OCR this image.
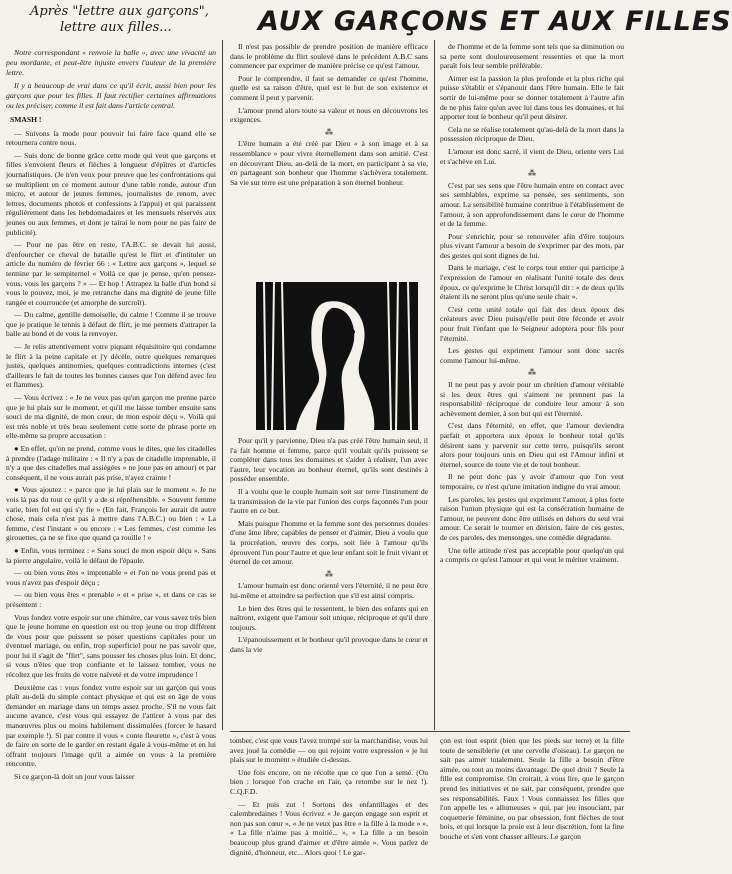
Après "lettre aux garçons",
lettre aux filles...	AUX GARÇONS ET AUX FILLES

Notre correspondant « renvoie la balle », avec une vivacité un peu mordante, et peut-être injuste envers l'auteur de la première lettre.

Il y a beaucoup de vrai dans ce qu'il écrit, aussi bien pour les garçons que pour les filles. Il faut rectifier certaines affirmations ou les préciser, comme il est fait dans l'article central.

SMASH !

— Suivons la mode pour pouvoir lui faire face quand elle se retournera contre nous.

— Suis donc de bonne grâce cette mode qui veut que garçons et filles s'envoient fleurs et flèches à longueur d'épîtres et d'articles journalistiques. (Je n'en veux pour preuve que les confrontations qui se multiplient en ce moment autour d'une table ronde, autour d'un micro, et autour de jeunes femmes, journalistes de renom, avec lettres, documents photos et confessions à l'appui) et qui paraissent régulièrement dans les hebdomadaires et les mensuels réservés aux jeunes ou aux femmes, et dont je tairai le nom pour ne pas faire de publicité).

— Pour ne pas être en reste, l'A.B.C. se devait lui aussi, d'enfourcher ce cheval de bataille qu'est le flirt et d'intituler un article du numéro de février 66 : « Lettre aux garçons », lequel se termine par le sempiternel « Voilà ce que je pense, qu'en pensez-vous, vous les garçons ? » — Et hop ! Attrapez la balle d'un bond si vous le pouvez, moi, je me retranche dans ma dignité de jeune fille rangée et courroucée (et amorphe de surcroît).

— Du calme, gentille demoiselle, du calme ! Comme il se trouve que je pratique le tennis à défaut de flirt, je me permets d'attraper la balle au bond et de vous la renvoyer.

— Je relis attentivement votre piquant réquisitoire qui condamne le flirt à la peine capitale et j'y décèle, outre quelques remarques justes, quelques antinomies, quelques contradictions internes (c'est d'ailleurs le fait de toutes les bonnes causes que l'on défend avec feu et flammes).

— Vous écrivez : « Je ne veux pas qu'un garçon me prenne parce que je lui plais sur le moment, et qu'il me laisse tomber ensuite sans souci de ma dignité, de mon cœur, de mon espoir déçu ». Voilà qui est très noble et très beau seulement cette sorte de phrase porte en elle-même sa propre accusation :

● En effet, qu'on ne prend, comme vous le dites, que les citadelles à prendre (l'adage militaire : « Il n'y a pas de citadelle imprenable, il n'y a que des citadelles mal assiégées » ne joue pas en amour) et par conséquent, il ne vous aurait pas prise, n'ayez crainte !

● Vous ajoutez : « parce que je lui plais sur le moment ». Je ne vois là pas du tout ce qu'il y a de si répréhensible. « Souvent femme varie, bien fol est qui s'y fie » (En fait, François Ier aurait dit autre chose, mais cela n'est pas à mettre dans l'A.B.C.) ou bien : « La femme, c'est l'instant » ou encore : « Les femmes, c'est comme les girouettes, ça ne se fixe que quand ça rouille ! »

● Enfin, vous terminez : « Sans souci de mon espoir déçu ». Sans la pierre angulaire, voilà le défaut de l'épaule.

— ou bien vous êtes « imprenable » et l'on ne vous prend pas et vous n'avez pas d'espoir déçu ;

— ou bien vous êtes « prenable » et « prise », et dans ce cas se présentent :

Vous fondez votre espoir sur une chimère, car vous savez très bien que le jeune homme en question est ou trop jeune ou trop différent de vous pour que puissent se poser questions capitales pour un éventuel mariage, ou enfin, trop superficiel pour ne pas savoir que, pour lui il s'agit de "flirt", sans pousser les choses plus loin. Et donc, si vous n'êtes que trop confiante et le laissez tomber, vous ne récoltez que les fruits de votre naïveté et de votre imprudence !

Deuxième cas : vous fondez votre espoir sur un garçon qui vous plaît au-delà du simple contact physique et qui est en âge de vous demander en mariage dans un temps assez proche. S'il ne vous fait aucune avance, c'est vous qui essayez de l'attirer à vous par des manœuvres plus ou moins habilement dissimulées (forcer le hasard par exemple !). Si par contre il vous « conte fleurette », c'est à vous de faire en sorte de le garder en restant égale à vous-même et en lui offrant toujours l'image qu'il a aimée en vous à la première rencontre.

Si ce garçon-là doit un jour vous laisser

Il n'est pas possible de prendre position de manière efficace dans le problème du flirt soulevé dans le précédent A.B.C sans commencer par exprimer de manière précise ce qu'est l'amour.

Pour le comprendre, il faut se demander ce qu'est l'homme, quelle est sa raison d'être, quel est le but de son existence et comment il peut y parvenir.

L'amour prend alors toute sa valeur et nous en découvrons les exigences.

⁂

L'être humain a été créé par Dieu « à son image et à sa ressemblance » pour vivre éternellement dans son amitié. C'est en découvrant Dieu, au-delà de la mort, en participant à sa vie, en partageant son bonheur que l'homme s'achèvera totalement. Sa vie sur terre est une préparation à son éternel bonheur.

Pour qu'il y parvienne, Dieu n'a pas créé l'être humain seul, il l'a fait homme et femme, parce qu'il voulait qu'ils puissent se compléter dans tous les domaines et s'aider à réaliser, l'un avec l'autre, leur vocation au bonheur éternel, qu'ils sont destinés à posséder ensemble.

Il a voulu que le couple humain soit sur terre l'instrument de la transmission de la vie par l'union des corps façonnés l'un pour l'autre en ce but.

Mais puisque l'homme et la femme sont des personnes douées d'une âme libre, capables de penser et d'aimer, Dieu a voulu que la procréation, œuvre des corps, soit liée à l'amour qu'ils éprouvent l'un pour l'autre et que leur enfant soit le fruit vivant et éternel de cet amour.

⁂

L'amour humain est donc orienté vers l'éternité, il ne peut être lui-même et atteindre sa perfection que s'il est ainsi compris.

Le bien des êtres qui le ressentent, le bien des enfants qui en naîtront, exigent que l'amour soit unique, réciproque et qu'il dure toujours.

L'épanouissement et le bonheur qu'il provoque dans le cœur et dans la vie

de l'homme et de la femme sont tels que sa diminution ou sa perte sont douloureusement ressenties et que la mort paraît fois leur semble préférable.

Aimer est la passion la plus profonde et la plus riche qui puisse s'établir et s'épanouir dans l'être humain. Elle le fait sortir de lui-même pour se donner totalement à l'autre afin de ne plus faire qu'un avec lui dans tous les domaines, et lui apporter tout le bonheur qu'il peut désirer.

Cela ne se réalise totalement qu'au-delà de la mort dans la possession réciproque de Dieu.

L'amour est donc sacré, il vient de Dieu, oriente vers Lui et s'achève en Lui.

⁂

C'est par ses sens que l'être humain entre en contact avec ses semblables, exprime sa pensée, ses sentiments, son amour. La sensibilité humaine contribue à l'établissement de l'amour, à son approfondissement dans le cœur de l'homme et de la femme.

Pour s'enrichir, pour se renouveler afin d'être toujours plus vivant l'amour a besoin de s'exprimer par des mots, par des gestes qui sont dignes de lui.

Dans le mariage, c'est le corps tout entier qui participe à l'expression de l'amour en réalisant l'unité totale des deux époux, ce qu'exprime le Christ lorsqu'il dit : « de deux qu'ils étaient ils ne seront plus qu'une seule chair ».

C'est cette unité totale qui fait des deux époux des créateurs avec Dieu puisqu'elle peut être féconde et avoir pour fruit l'enfant que le Seigneur adoptera pour fils pour l'éternité.

Les gestes qui expriment l'amour sont donc sacrés comme l'amour lui-même.

⁂

Il ne peut pas y avoir pour un chrétien d'amour véritable si les deux êtres qui s'aiment ne prennent pas la responsabilité réciproque de conduire leur amour à son achèvement dernier, à son but qui est l'éternité.

C'est dans l'éternité, en effet, que l'amour deviendra parfait et apportera aux époux le bonheur total qu'ils désirent sans y parvenir sur cette terre, puisqu'ils seront alors pour toujours unis en Dieu qui est l'Amour infini et éternel, source de toute vie et de tout bonheur.

Il ne peut donc pas y avoir d'amour que l'on veut temporaire, ce n'est qu'une imitation indigne du vrai amour.

Les paroles, les gestes qui expriment l'amour, à plus forte raison l'union physique qui est la consécration humaine de l'amour, ne peuvent donc être utilisés en dehors du seul vrai amour. Ce serait le tourner en dérision, faire de ces gestes, de ces paroles, des mensonges, une comédie dégradante.

Une telle attitude n'est pas acceptable pour quelqu'un qui a compris ce qu'est l'amour et qui veut le mériter vraiment.

tomber, c'est que vous l'avez trompé sur la marchandise, vous lui avez joué la comédie — ou qui rejoint votre expression « je lui plais sur le moment » étudiée ci-dessus.

Une fois encore, on ne récolte que ce que l'on a semé. (Ou bien : lorsque l'on crache en l'air, ça retombe sur le nez !). C.Q.F.D.

— Et puis zut ! Sortons des enfantillages et des calembredaines ! Vous écrivez « Je garçon engage son esprit et non pas son cœur », « Je ne veux pas être « la fille à la mode » », « La fille n'aime pas à moitié... », « La fille a un besoin beaucoup plus grand d'aimer et d'être aimée ». Vous parlez de dignité, d'honneur, etc... Alors quoi ! Le gar-

çon est tout esprit (bien que les pieds sur terre) et la fille toute de sensiblerie (et une cervelle d'oiseau). Le garçon ne sait pas aimer totalement. Seule la fille a besoin d'être aimée, ou tout au moins davantage. De quel droit ? Seule la fille est compromise. On croirait, à vous lire, que le garçon prend les initiatives et ne sait, par conséquent, prendre que ses responsabilités. Faux ! Vous connaissez les filles que l'on appelle les « allumeuses » qui, par jeu insouciant, par coquetterie féminine, ou par obsession, font flèches de tout bois, et qui lorsque la proie est à leur discrétion, font la fine bouche et s'en vont chasser ailleurs. Le garçon
